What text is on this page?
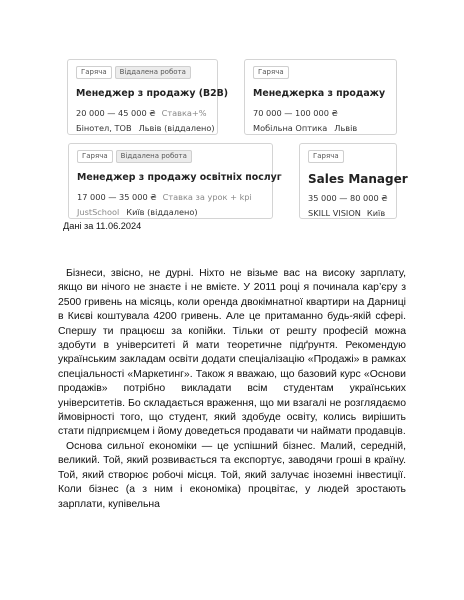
Гаряча	Віддалена робота
Менеджер з продажу (B2B)
20 000 — 45 000 ₴ Ставка+%
Бінотел, ТОВ Львів (віддалено)
Гаряча
Менеджерка з продажу
70 000 — 100 000 ₴
Мобільна Оптика Львів
Гаряча	Віддалена робота
Менеджер з продажу освітніх послуг
17 000 — 35 000 ₴ Ставка за урок + kpi
JustSchool Київ (віддалено)
Гаряча
Sales Manager
35 000 — 80 000 ₴
SKILL VISION Київ
Дані за 11.06.2024

Бізнеси, звісно, не дурні. Ніхто не візьме вас на високу зарплату, якщо ви нічого не знаєте і не вмієте. У 2011 році я починала кар’єру з 2500 гривень на місяць, коли оренда двокімнатної квартири на Дарниці в Києві коштувала 4200 гривень. Але це притаманно будь-якій сфері. Спершу ти працюєш за копійки. Тільки от решту професій можна здобути в університеті й мати теоретичне підґрунтя. Рекомендую українським закладам освіти додати спеціалізацію «Продажі» в рамках спеціальності «Маркетинг». Також я вважаю, що базовий курс «Основи продажів» потрібно викладати всім студентам українських університетів. Бо складається враження, що ми взагалі не розглядаємо ймовірності того, що студент, який здобуде освіту, колись вирішить стати підприємцем і йому доведеться продавати чи наймати продавців.

Основа сильної економіки — це успішний бізнес. Малий, середній, великий. Той, який розвивається та експортує, заводячи гроші в країну. Той, який створює робочі місця. Той, який залучає іноземні інвестиції. Коли бізнес (а з ним і економіка) процвітає, у людей зростають зарплати, купівельна
